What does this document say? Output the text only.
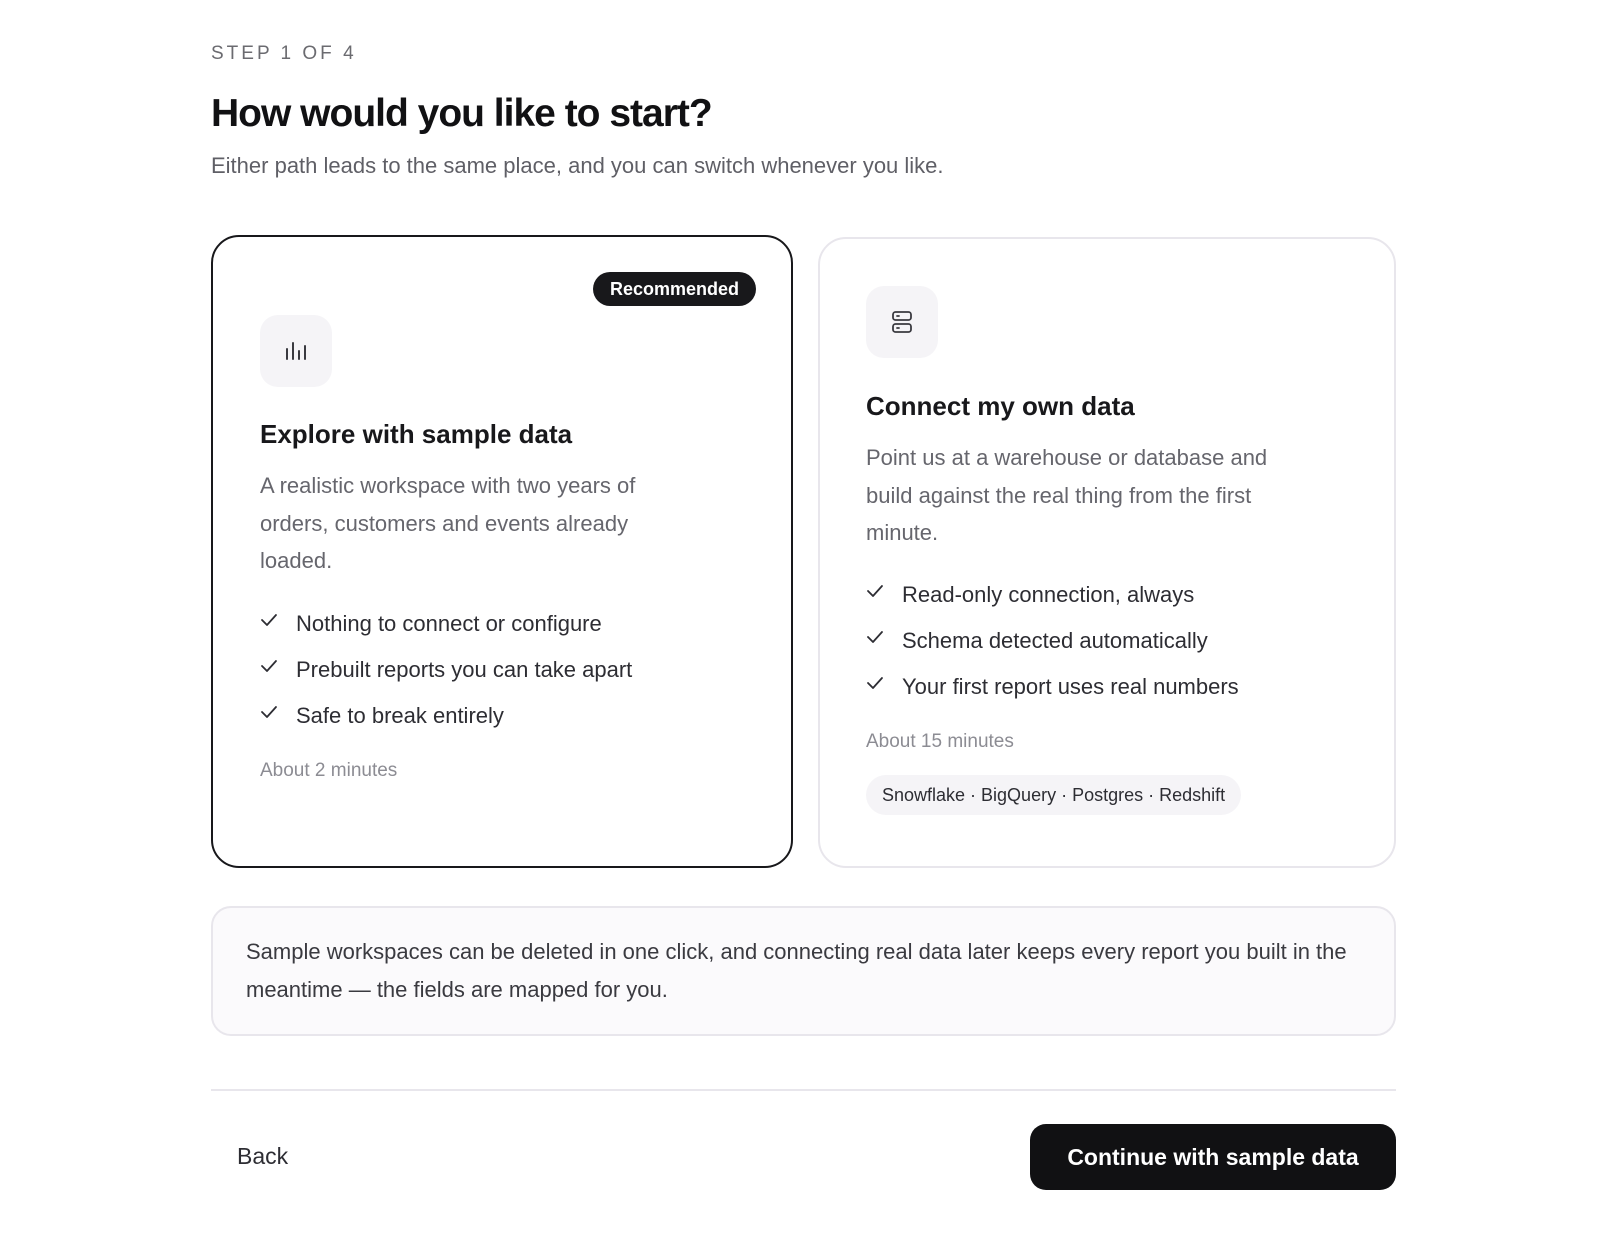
STEP 1 OF 4
How would you like to start?

Either path leads to the same place, and you can switch whenever you like.

Recommended
Explore with sample data

A realistic workspace with two years of orders, customers and events already loaded.

Nothing to connect or configure
Prebuilt reports you can take apart
Safe to break entirely
About 2 minutes
Connect my own data

Point us at a warehouse or database and build against the real thing from the first minute.

Read-only connection, always
Schema detected automatically
Your first report uses real numbers
About 15 minutes
Snowflake · BigQuery · Postgres · Redshift
Sample workspaces can be deleted in one click, and connecting real data later keeps every report you built in the meantime — the fields are mapped for you.
Back	Continue with sample data
